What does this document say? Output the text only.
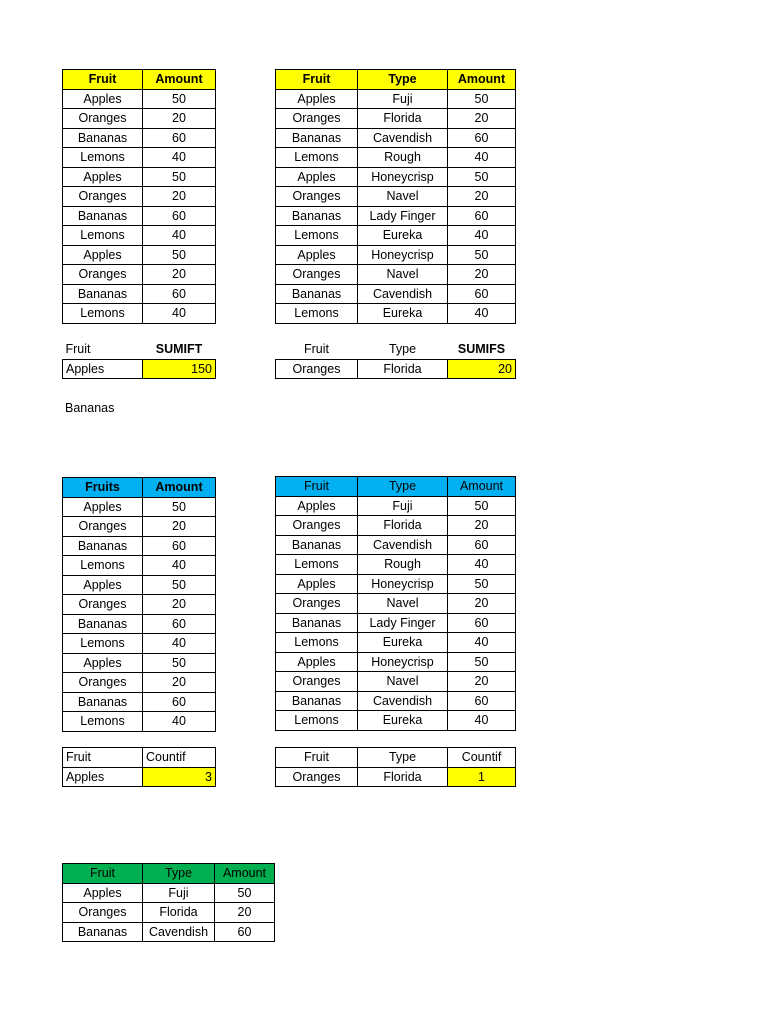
Fruit	Amount
Apples	50
Oranges	20
Bananas	60
Lemons	40
Apples	50
Oranges	20
Bananas	60
Lemons	40
Apples	50
Oranges	20
Bananas	60
Lemons	40
Fruit	Type	Amount
Apples	Fuji	50
Oranges	Florida	20
Bananas	Cavendish	60
Lemons	Rough	40
Apples	Honeycrisp	50
Oranges	Navel	20
Bananas	Lady Finger	60
Lemons	Eureka	40
Apples	Honeycrisp	50
Oranges	Navel	20
Bananas	Cavendish	60
Lemons	Eureka	40
Fruit	SUMIFT
Apples	150
Fruit	Type	SUMIFS
Oranges	Florida	20
Bananas
Fruits	Amount
Apples	50
Oranges	20
Bananas	60
Lemons	40
Apples	50
Oranges	20
Bananas	60
Lemons	40
Apples	50
Oranges	20
Bananas	60
Lemons	40
Fruit	Type	Amount
Apples	Fuji	50
Oranges	Florida	20
Bananas	Cavendish	60
Lemons	Rough	40
Apples	Honeycrisp	50
Oranges	Navel	20
Bananas	Lady Finger	60
Lemons	Eureka	40
Apples	Honeycrisp	50
Oranges	Navel	20
Bananas	Cavendish	60
Lemons	Eureka	40
Fruit	Countif
Apples	3
Fruit	Type	Countif
Oranges	Florida	1
Fruit	Type	Amount
Apples	Fuji	50
Oranges	Florida	20
Bananas	Cavendish	60
